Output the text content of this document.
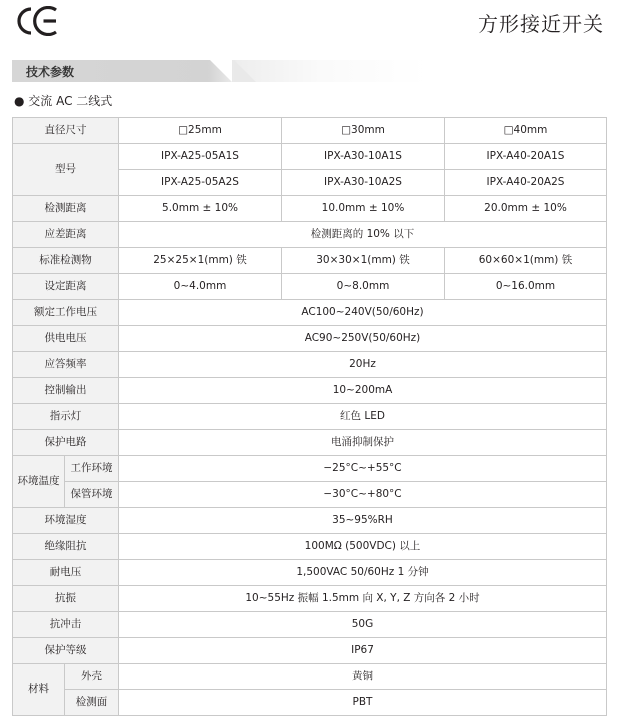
方形接近开关
技术参数
● 交流 AC 二线式
直径尺寸		□25mm	□30mm	□40mm
型号		IPX-A25-05A1S	IPX-A30-10A1S	IPX-A40-20A1S
		IPX-A25-05A2S	IPX-A30-10A2S	IPX-A40-20A2S
检测距离		5.0mm ± 10%	10.0mm ± 10%	20.0mm ± 10%
应差距离		检测距离的 10% 以下		
标准检测物		25×25×1(mm) 铁	30×30×1(mm) 铁	60×60×1(mm) 铁
设定距离		0~4.0mm	0~8.0mm	0~16.0mm
额定工作电压		AC100~240V(50/60Hz)		
供电电压		AC90~250V(50/60Hz)		
应答频率		20Hz		
控制输出		10~200mA		
指示灯		红色 LED		
保护电路		电涌抑制保护		
环境温度	工作环境	−25°C~+55°C		
	保管环境	−30°C~+80°C		
环境湿度		35~95%RH		
绝缘阻抗		100MΩ (500VDC) 以上		
耐电压		1,500VAC 50/60Hz 1 分钟		
抗振		10~55Hz 振幅 1.5mm 向 X, Y, Z 方向各 2 小时		
抗冲击		50G		
保护等级		IP67		
材料	外壳	黄铜		
	检测面	PBT		
